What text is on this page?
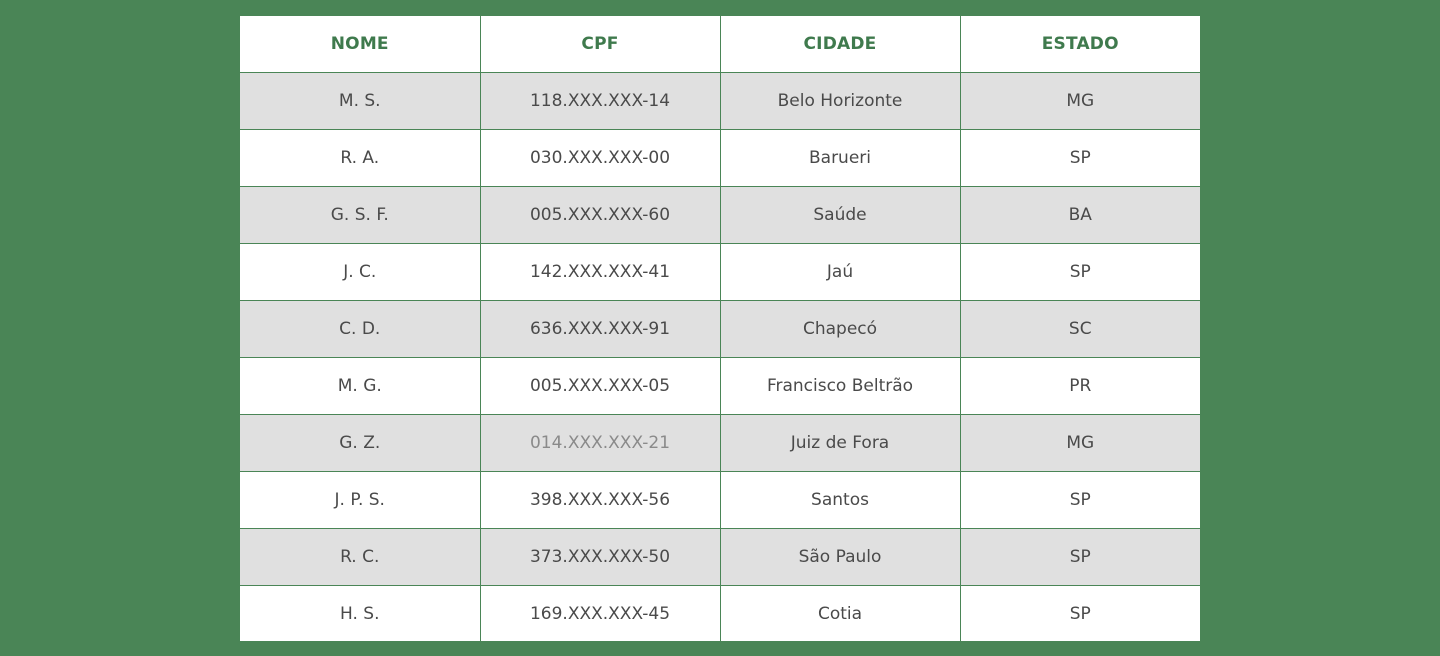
NOME	CPF	CIDADE	ESTADO
M. S.	118.XXX.XXX-14	Belo Horizonte	MG
R. A.	030.XXX.XXX-00	Barueri	SP
G. S. F.	005.XXX.XXX-60	Saúde	BA
J. C.	142.XXX.XXX-41	Jaú	SP
C. D.	636.XXX.XXX-91	Chapecó	SC
M. G.	005.XXX.XXX-05	Francisco Beltrão	PR
G. Z.	014.XXX.XXX-21	Juiz de Fora	MG
J. P. S.	398.XXX.XXX-56	Santos	SP
R. C.	373.XXX.XXX-50	São Paulo	SP
H. S.	169.XXX.XXX-45	Cotia	SP
